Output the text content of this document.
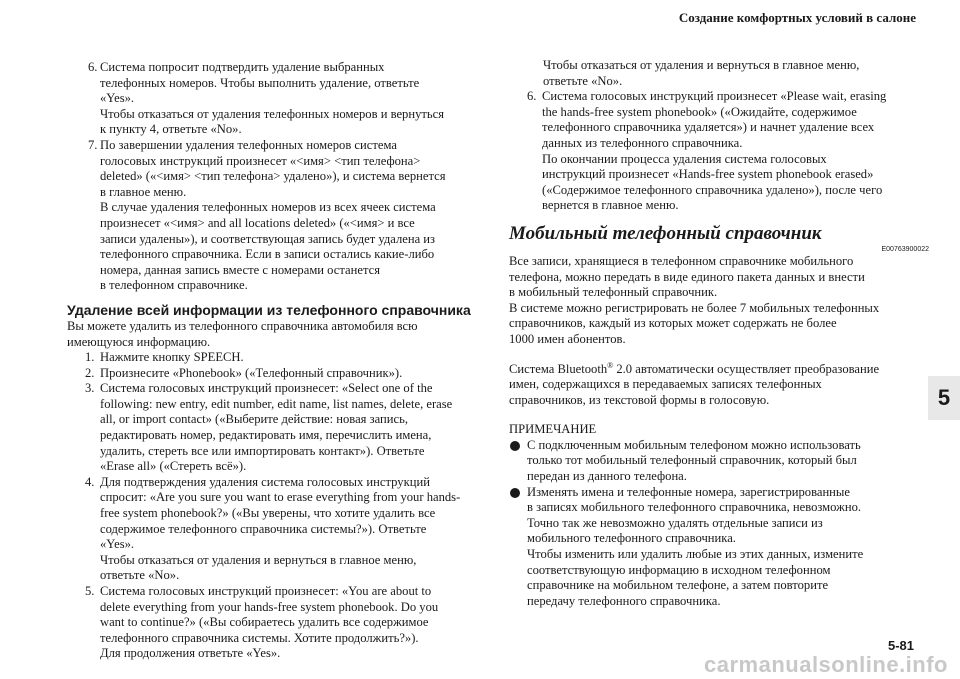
Создание комфортных условий в салоне
6. Система попросит подтвердить удаление выбранных

телефонных номеров. Чтобы выполнить удаление, ответьте

«Yes».

Чтобы отказаться от удаления телефонных номеров и вернуться

к пункту 4, ответьте «No».

7. По завершении удаления телефонных номеров система

голосовых инструкций произнесет «<имя> <тип телефона>

deleted» («<имя> <тип телефона> удалено»), и система вернется

в главное меню.

В случае удаления телефонных номеров из всех ячеек система

произнесет «<имя> and all locations deleted» («<имя> и все

записи удалены»), и соответствующая запись будет удалена из

телефонного справочника. Если в записи остались какие-либо

номера, данная запись вместе с номерами останется

в телефонном справочнике.

Удаление всей информации из телефонного справочника

Вы можете удалить из телефонного справочника автомобиля всю

имеющуюся информацию.

1. Нажмите кнопку SPEECH.

2. Произнесите «Phonebook» («Телефонный справочник»).

3. Система голосовых инструкций произнесет: «Select one of the

following: new entry, edit number, edit name, list names, delete, erase

all, or import contact» («Выберите действие: новая запись,

редактировать номер, редактировать имя, перечислить имена,

удалить, стереть все или импортировать контакт»). Ответьте

«Erase all» («Стереть всё»).

4. Для подтверждения удаления система голосовых инструкций

спросит: «Are you sure you want to erase everything from your hands-

free system phonebook?» («Вы уверены, что хотите удалить все

содержимое телефонного справочника системы?»). Ответьте

«Yes».

Чтобы отказаться от удаления и вернуться в главное меню,

ответьте «No».

5. Система голосовых инструкций произнесет: «You are about to

delete everything from your hands-free system phonebook. Do you

want to continue?» («Вы собираетесь удалить все содержимое

телефонного справочника системы. Хотите продолжить?»).

Для продолжения ответьте «Yes».

Чтобы отказаться от удаления и вернуться в главное меню,

ответьте «No».

6. Система голосовых инструкций произнесет «Please wait, erasing

the hands-free system phonebook» («Ожидайте, содержимое

телефонного справочника удаляется») и начнет удаление всех

данных из телефонного справочника.

По окончании процесса удаления система голосовых

инструкций произнесет «Hands-free system phonebook erased»

(«Содержимое телефонного справочника удалено»), после чего

вернется в главное меню.

Мобильный телефонный справочник
E00763900022

Все записи, хранящиеся в телефонном справочнике мобильного

телефона, можно передать в виде единого пакета данных и внести

в мобильный телефонный справочник.

В системе можно регистрировать не более 7 мобильных телефонных

справочников, каждый из которых может содержать не более

1000 имен абонентов.

Система Bluetooth® 2.0 автоматически осуществляет преобразование

имен, содержащихся в передаваемых записях телефонных

справочников, из текстовой формы в голосовую.

ПРИМЕЧАНИЕ

С подключенным мобильным телефоном можно использовать

только тот мобильный телефонный справочник, который был

передан из данного телефона.

Изменять имена и телефонные номера, зарегистрированные

в записях мобильного телефонного справочника, невозможно.

Точно так же невозможно удалять отдельные записи из

мобильного телефонного справочника.

Чтобы изменить или удалить любые из этих данных, измените

соответствующую информацию в исходном телефонном

справочнике на мобильном телефоне, а затем повторите

передачу телефонного справочника.

5
5-81
carmanualsonline.info
